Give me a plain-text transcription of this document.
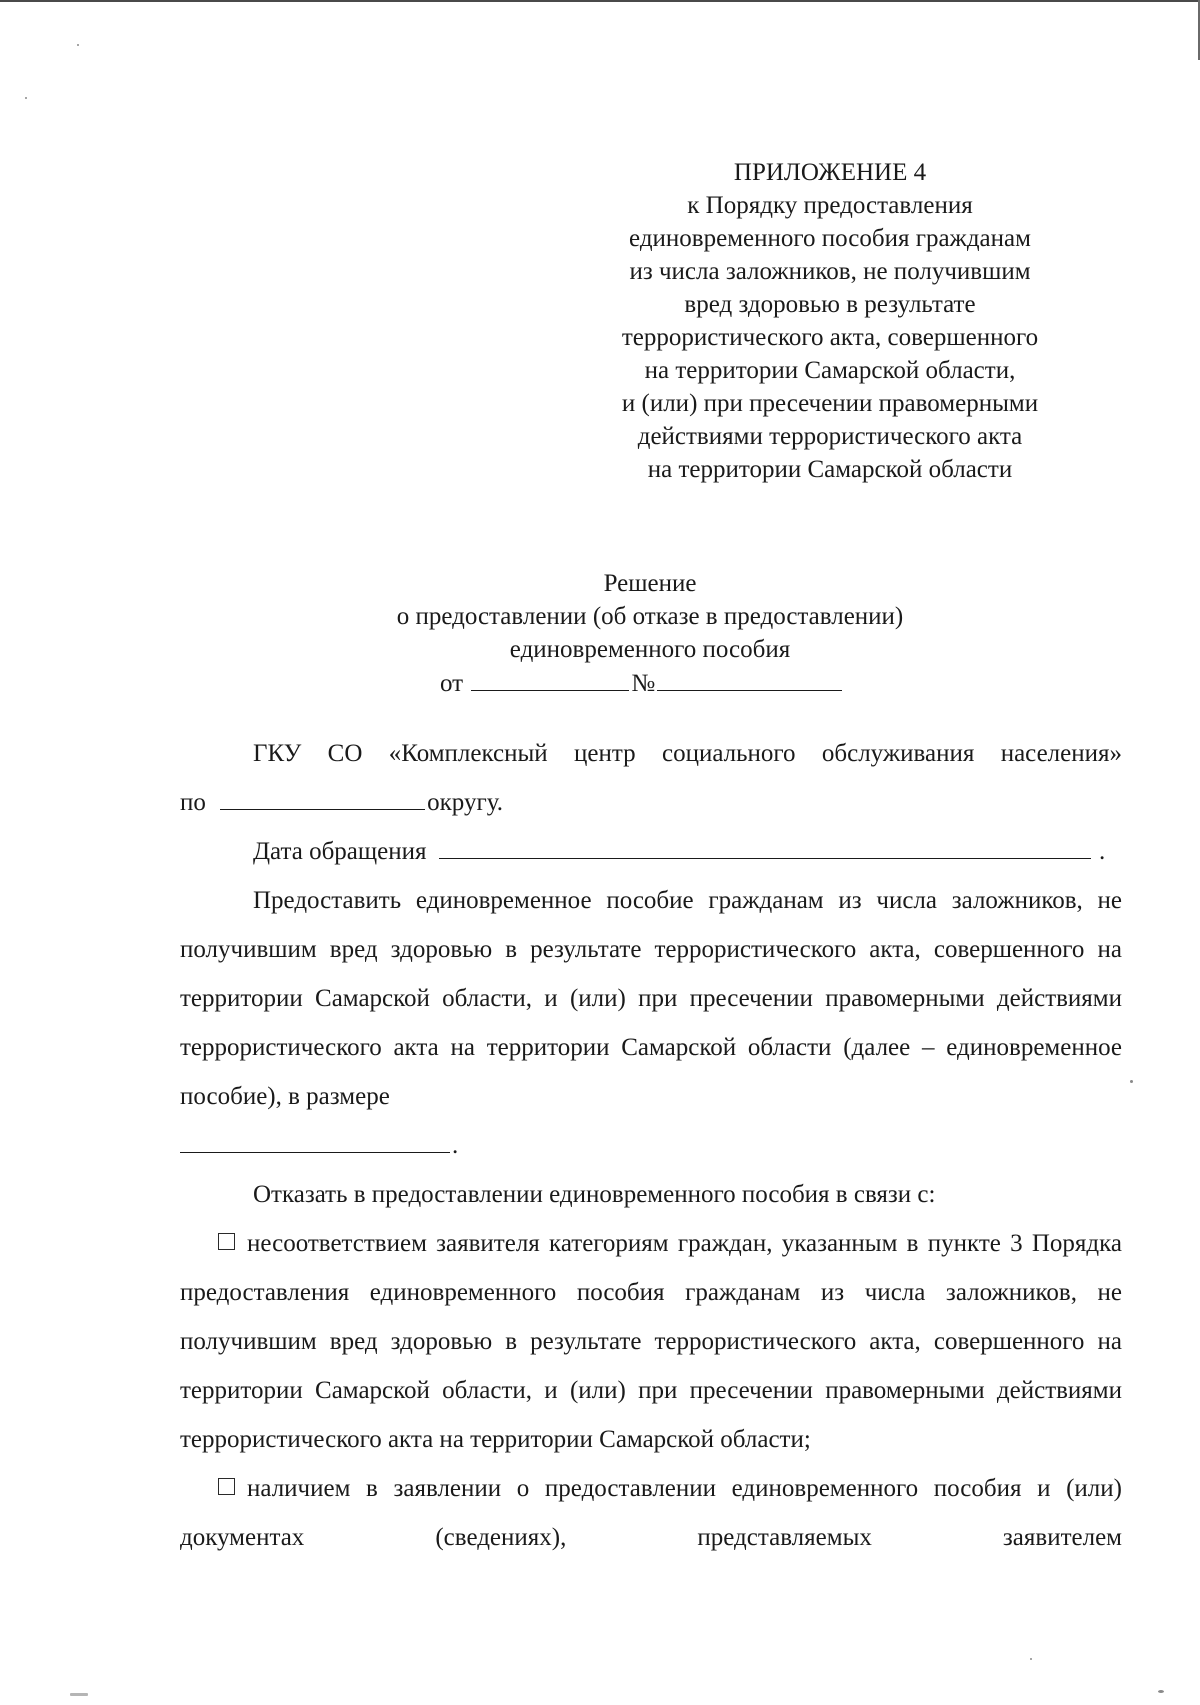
ПРИЛОЖЕНИЕ 4
к Порядку предоставления
единовременного пособия гражданам
из числа заложников, не получившим
вред здоровью в результате
террористического акта, совершенного
на территории Самарской области,
и (или) при пресечении правомерными
действиями террористического акта
на территории Самарской области
Решение
о предоставлении (об отказе в предоставлении)
единовременного пособия
от	№

ГКУ СО «Комплексный центр социального обслуживания населения»

по	округу.

Дата обращения	.

Предоставить единовременное пособие гражданам из числа заложников, не получившим вред здоровью в результате террористического акта, совершенного на территории Самарской области, и (или) при пресечении правомерными действиями террористического акта на территории Самарской области (далее – единовременное пособие), в размере

.

Отказать в предоставлении единовременного пособия в связи с:

несоответствием заявителя категориям граждан, указанным в пункте 3 Порядка предоставления единовременного пособия гражданам из числа заложников, не получившим вред здоровью в результате террористического акта, совершенного на территории Самарской области, и (или) при пресечении правомерными действиями террористического акта на территории Самарской области;

наличием в заявлении о предоставлении единовременного пособия и (или) документах (сведениях), представляемых заявителем
